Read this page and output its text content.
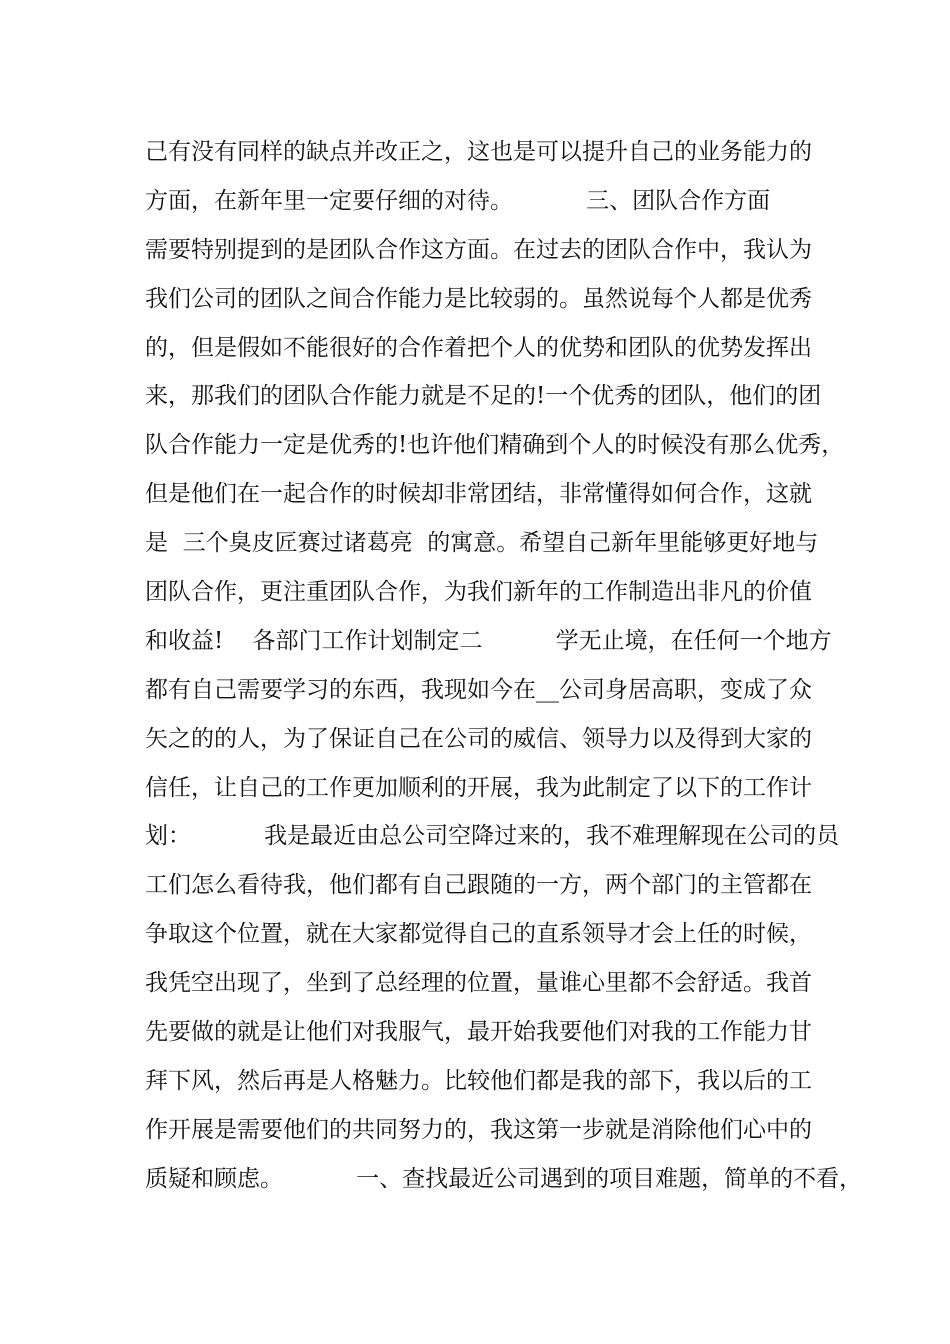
己有没有同样的缺点并改正之，这也是可以提升自己的业务能力的
方面，在新年里一定要仔细的对待。          三、团队合作方面
需要特别提到的是团队合作这方面。在过去的团队合作中，我认为
我们公司的团队之间合作能力是比较弱的。虽然说每个人都是优秀
的，但是假如不能很好的合作着把个人的优势和团队的优势发挥出
来，那我们的团队合作能力就是不足的!一个优秀的团队，他们的团
队合作能力一定是优秀的!也许他们精确到个人的时候没有那么优秀，
但是他们在一起合作的时候却非常团结，非常懂得如何合作，这就
是  三个臭皮匠赛过诸葛亮  的寓意。希望自己新年里能够更好地与
团队合作，更注重团队合作，为我们新年的工作制造出非凡的价值
和收益!    各部门工作计划制定二          学无止境，在任何一个地方
都有自己需要学习的东西，我现如今在__公司身居高职，变成了众
矢之的的人，为了保证自己在公司的威信、领导力以及得到大家的
信任，让自己的工作更加顺利的开展，我为此制定了以下的工作计
划：          我是最近由总公司空降过来的，我不难理解现在公司的员
工们怎么看待我，他们都有自己跟随的一方，两个部门的主管都在
争取这个位置，就在大家都觉得自己的直系领导才会上任的时候，
我凭空出现了，坐到了总经理的位置，量谁心里都不会舒适。我首
先要做的就是让他们对我服气，最开始我要他们对我的工作能力甘
拜下风，然后再是人格魅力。比较他们都是我的部下，我以后的工
作开展是需要他们的共同努力的，我这第一步就是消除他们心中的
质疑和顾虑。          一、查找最近公司遇到的项目难题，简单的不看，
